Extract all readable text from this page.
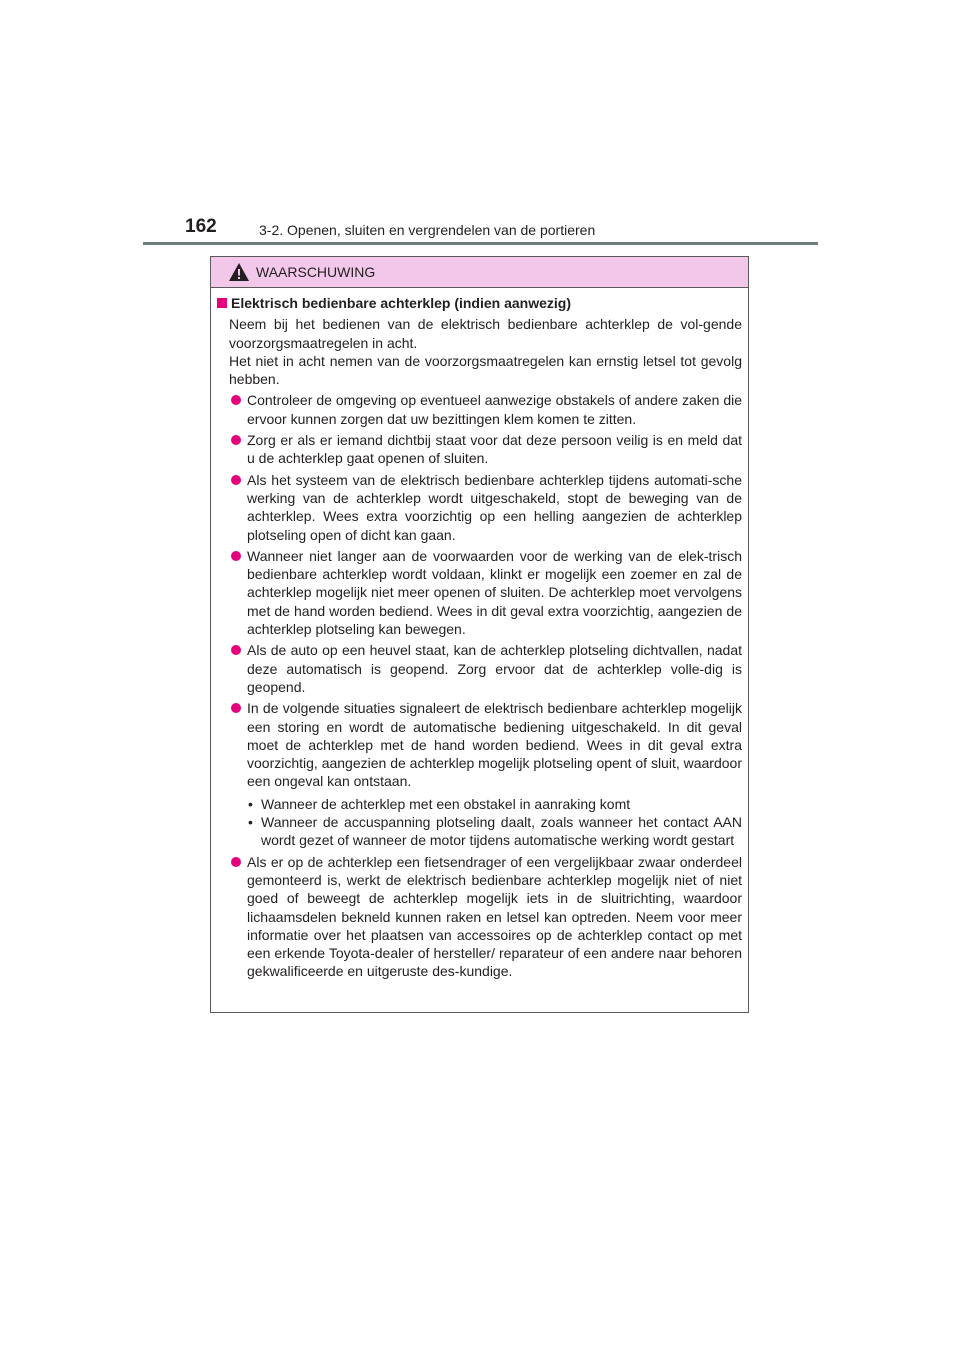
162	3-2. Openen, sluiten en vergrendelen van de portieren
WAARSCHUWING
Elektrisch bedienbare achterklep (indien aanwezig)

Neem bij het bedienen van de elektrisch bedienbare achterklep de vol-gende voorzorgsmaatregelen in acht.

Het niet in acht nemen van de voorzorgsmaatregelen kan ernstig letsel tot gevolg hebben.

Controleer de omgeving op eventueel aanwezige obstakels of andere zaken die ervoor kunnen zorgen dat uw bezittingen klem komen te zitten.
Zorg er als er iemand dichtbij staat voor dat deze persoon veilig is en meld dat u de achterklep gaat openen of sluiten.
Als het systeem van de elektrisch bedienbare achterklep tijdens automati-sche werking van de achterklep wordt uitgeschakeld, stopt de beweging van de achterklep. Wees extra voorzichtig op een helling aangezien de achterklep plotseling open of dicht kan gaan.
Wanneer niet langer aan de voorwaarden voor de werking van de elek-trisch bedienbare achterklep wordt voldaan, klinkt er mogelijk een zoemer en zal de achterklep mogelijk niet meer openen of sluiten. De achterklep moet vervolgens met de hand worden bediend. Wees in dit geval extra voorzichtig, aangezien de achterklep plotseling kan bewegen.
Als de auto op een heuvel staat, kan de achterklep plotseling dichtvallen, nadat deze automatisch is geopend. Zorg ervoor dat de achterklep volle-dig is geopend.
In de volgende situaties signaleert de elektrisch bedienbare achterklep mogelijk een storing en wordt de automatische bediening uitgeschakeld. In dit geval moet de achterklep met de hand worden bediend. Wees in dit geval extra voorzichtig, aangezien de achterklep mogelijk plotseling opent of sluit, waardoor een ongeval kan ontstaan.
• Wanneer de achterklep met een obstakel in aanraking komt
• Wanneer de accuspanning plotseling daalt, zoals wanneer het contact AAN wordt gezet of wanneer de motor tijdens automatische werking wordt gestart
Als er op de achterklep een fietsendrager of een vergelijkbaar zwaar onderdeel gemonteerd is, werkt de elektrisch bedienbare achterklep mogelijk niet of niet goed of beweegt de achterklep mogelijk iets in de sluitrichting, waardoor lichaamsdelen bekneld kunnen raken en letsel kan optreden. Neem voor meer informatie over het plaatsen van accessoires op de achterklep contact op met een erkende Toyota-dealer of hersteller/ reparateur of een andere naar behoren gekwalificeerde en uitgeruste des-kundige.
